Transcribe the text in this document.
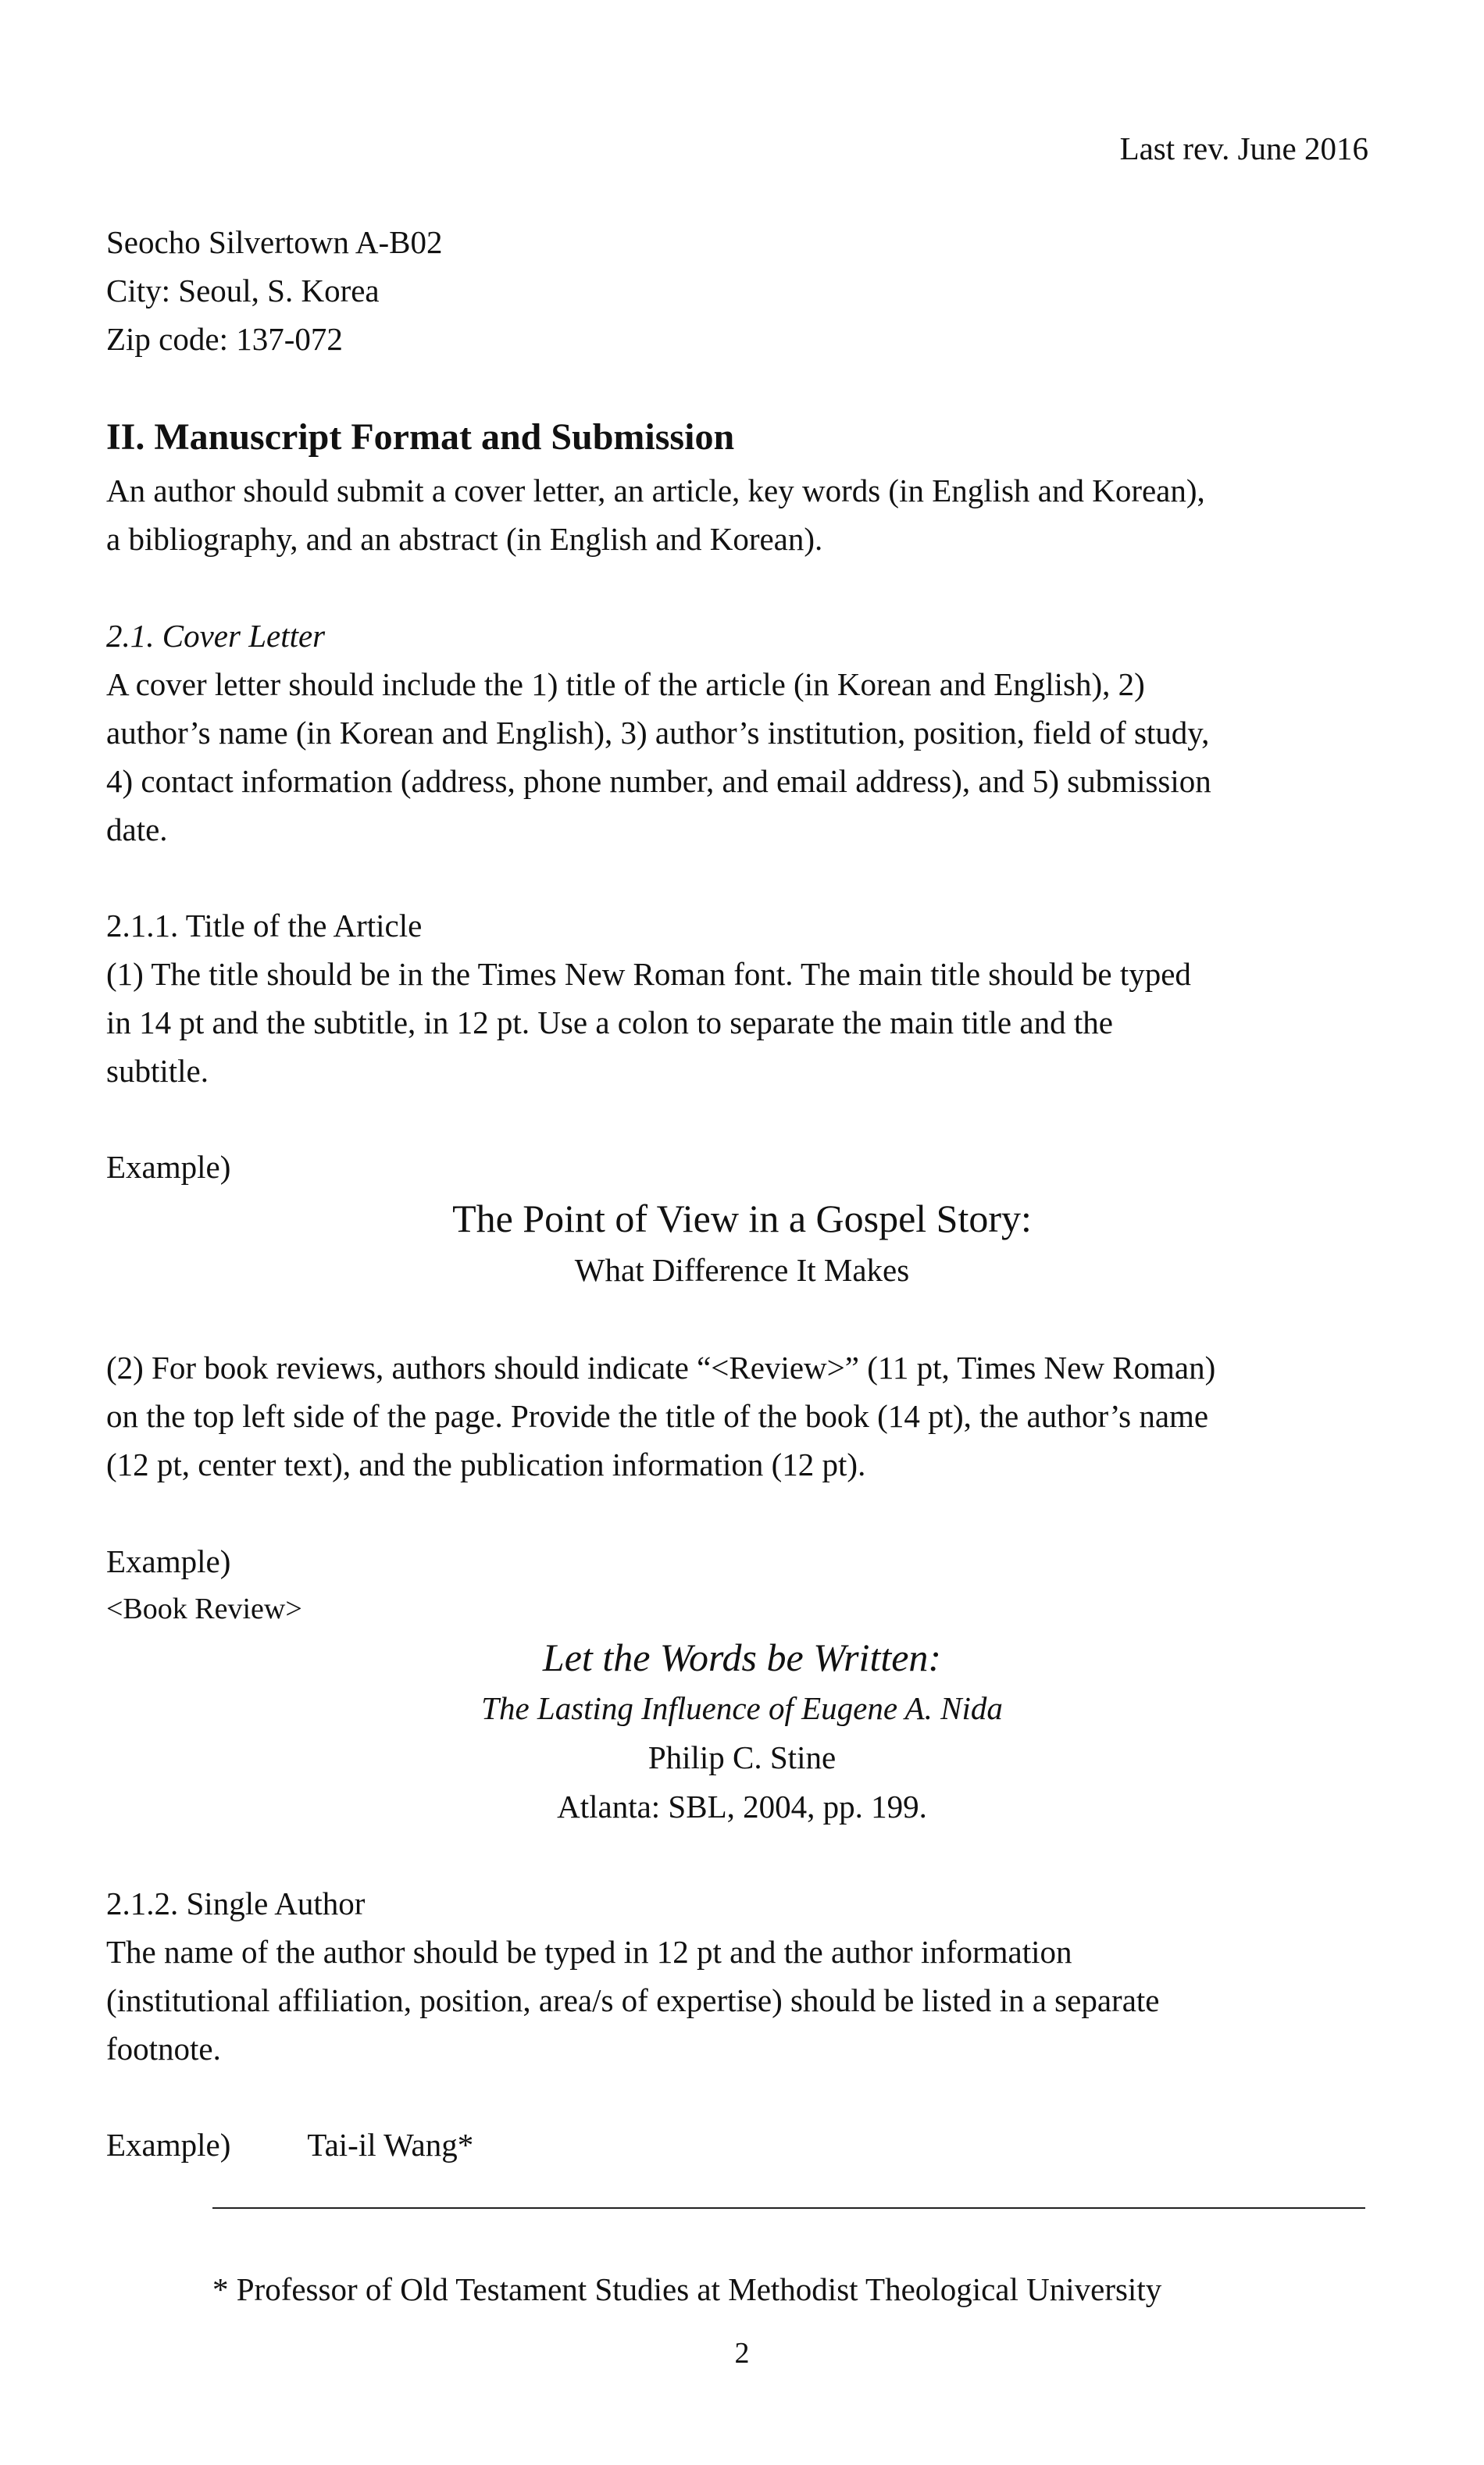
Last rev. June 2016
Seocho Silvertown A-B02
City: Seoul, S. Korea
Zip code: 137-072
II. Manuscript Format and Submission
An author should submit a cover letter, an article, key words (in English and Korean),
a bibliography, and an abstract (in English and Korean).
2.1. Cover Letter
A cover letter should include the 1) title of the article (in Korean and English), 2)
author’s name (in Korean and English), 3) author’s institution, position, field of study,
4) contact information (address, phone number, and email address), and 5) submission
date.
2.1.1. Title of the Article
(1) The title should be in the Times New Roman font. The main title should be typed
in 14 pt and the subtitle, in 12 pt. Use a colon to separate the main title and the
subtitle.
Example)
The Point of View in a Gospel Story:
What Difference It Makes
(2) For book reviews, authors should indicate “<Review>” (11 pt, Times New Roman)
on the top left side of the page. Provide the title of the book (14 pt), the author’s name
(12 pt, center text), and the publication information (12 pt).
Example)
<Book Review>
Let the Words be Written:
The Lasting Influence of Eugene A. Nida
Philip C. Stine
Atlanta: SBL, 2004, pp. 199.
2.1.2. Single Author
The name of the author should be typed in 12 pt and the author information
(institutional affiliation, position, area/s of expertise) should be listed in a separate
footnote.
Example) Tai-il Wang*
* Professor of Old Testament Studies at Methodist Theological University
2
